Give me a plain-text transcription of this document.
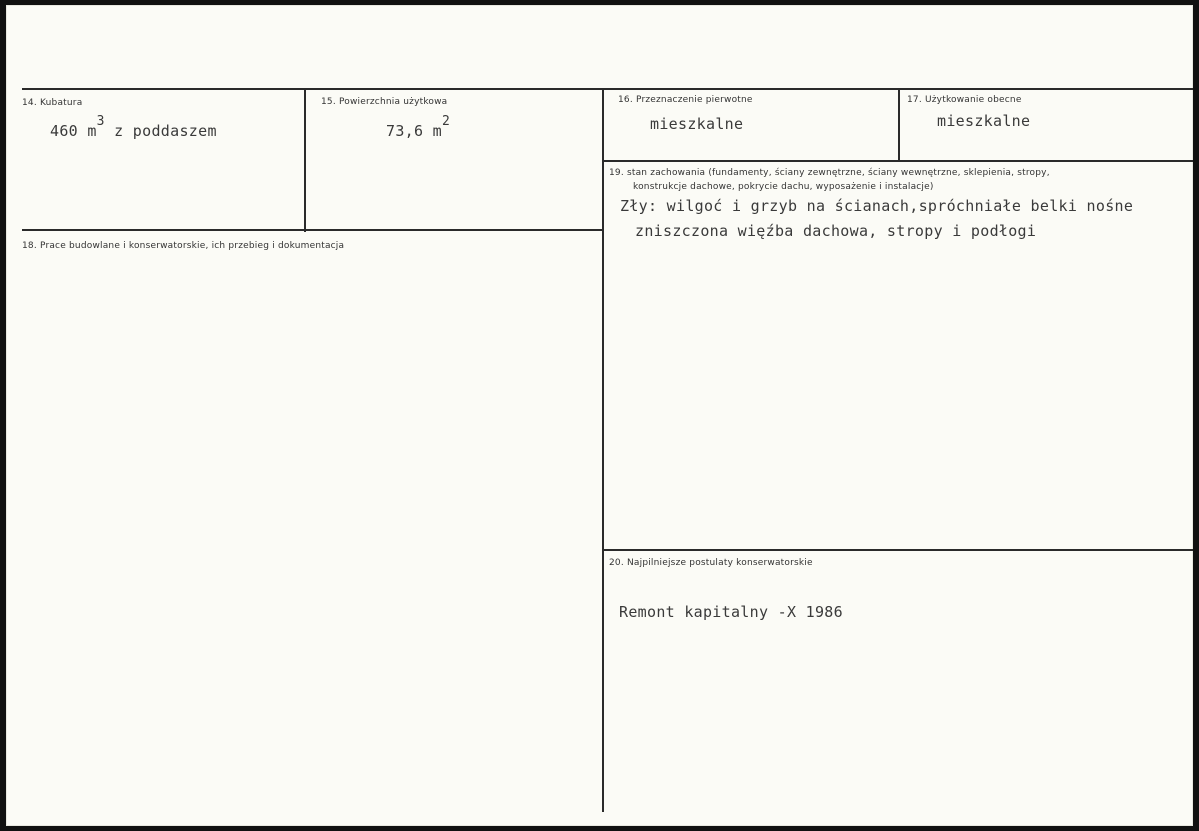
14. Kubatura
460 m3 z poddaszem
15. Powierzchnia użytkowa
73,6 m2
16. Przeznaczenie pierwotne
mieszkalne
17. Użytkowanie obecne
mieszkalne
18. Prace budowlane i konserwatorskie, ich przebieg i dokumentacja
19. stan zachowania (fundamenty, ściany zewnętrzne, ściany wewnętrzne, sklepienia, stropy,
konstrukcje dachowe, pokrycie dachu, wyposażenie i instalacje)
Zły: wilgoć i grzyb na ścianach,spróchniałe belki nośne
zniszczona więźba dachowa, stropy i podłogi
20. Najpilniejsze postulaty konserwatorskie
Remont kapitalny -X 1986
